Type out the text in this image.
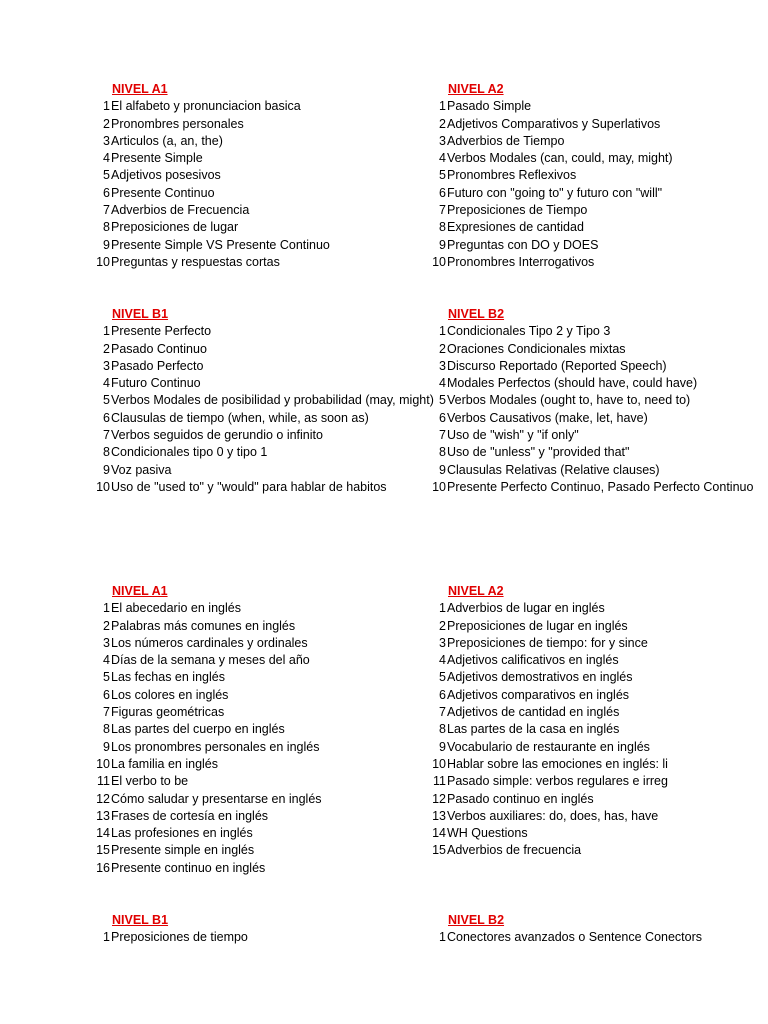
NIVEL A1
1 El alfabeto y pronunciacion basica
2 Pronombres personales
3 Articulos (a, an, the)
4 Presente Simple
5 Adjetivos posesivos
6 Presente Continuo
7 Adverbios de Frecuencia
8 Preposiciones de lugar
9 Presente Simple VS Presente Continuo
10 Preguntas y respuestas cortas
NIVEL A2
1 Pasado Simple
2 Adjetivos Comparativos y Superlativos
3 Adverbios de Tiempo
4 Verbos Modales (can, could, may, might)
5 Pronombres Reflexivos
6 Futuro con "going to" y futuro con "will"
7 Preposiciones de Tiempo
8 Expresiones de cantidad
9 Preguntas con DO y DOES
10 Pronombres Interrogativos
NIVEL B1
1 Presente Perfecto
2 Pasado Continuo
3 Pasado Perfecto
4 Futuro Continuo
5 Verbos Modales de posibilidad y probabilidad (may, might)
6 Clausulas de tiempo (when, while, as soon as)
7 Verbos seguidos de gerundio o infinito
8 Condicionales tipo 0 y tipo 1
9 Voz pasiva
10 Uso de "used to" y "would" para hablar de habitos
NIVEL B2
1 Condicionales Tipo 2 y Tipo 3
2 Oraciones Condicionales mixtas
3 Discurso Reportado (Reported Speech)
4 Modales Perfectos (should have, could have)
5 Verbos Modales (ought to, have to, need to)
6 Verbos Causativos (make, let, have)
7 Uso de "wish" y "if only"
8 Uso de "unless" y "provided that"
9 Clausulas Relativas (Relative clauses)
10 Presente Perfecto Continuo, Pasado Perfecto Continuo
NIVEL A1
1 El abecedario en inglés
2 Palabras más comunes en inglés
3 Los números cardinales y ordinales
4 Días de la semana y meses del año
5 Las fechas en inglés
6 Los colores en inglés
7 Figuras geométricas
8 Las partes del cuerpo en inglés
9 Los pronombres personales en inglés
10 La familia en inglés
11 El verbo to be
12 Cómo saludar y presentarse en inglés
13 Frases de cortesía en inglés
14 Las profesiones en inglés
15 Presente simple en inglés
16 Presente continuo en inglés
NIVEL A2
1 Adverbios de lugar en inglés
2 Preposiciones de lugar en inglés
3 Preposiciones de tiempo: for y since
4 Adjetivos calificativos en inglés
5 Adjetivos demostrativos en inglés
6 Adjetivos comparativos en inglés
7 Adjetivos de cantidad en inglés
8 Las partes de la casa en inglés
9 Vocabulario de restaurante en inglés
10 Hablar sobre las emociones en inglés: li
11 Pasado simple: verbos regulares e irreg
12 Pasado continuo en inglés
13 Verbos auxiliares: do, does, has, have
14 WH Questions
15 Adverbios de frecuencia
NIVEL B1
1 Preposiciones de tiempo
NIVEL B2
1 Conectores avanzados o Sentence Conectors
